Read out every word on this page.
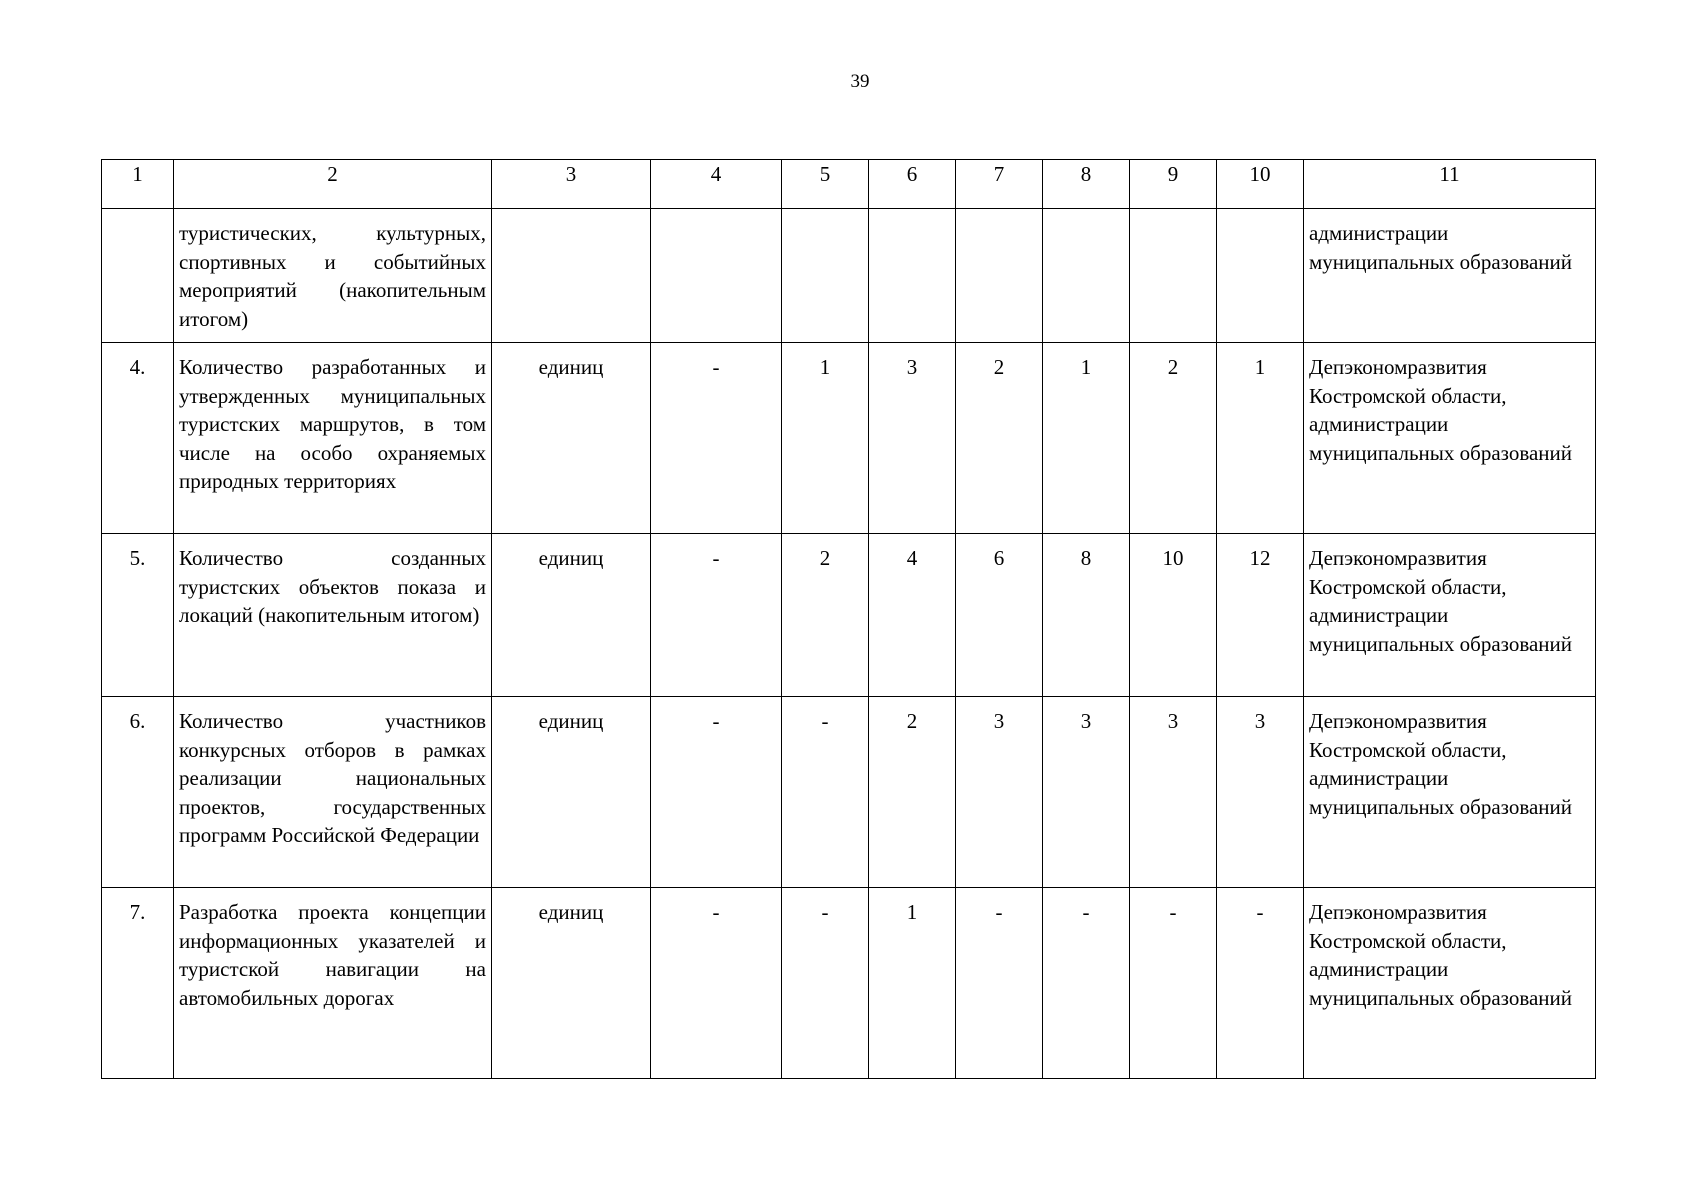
39
1	2	3	4	5	6	7	8	9	10	11
	туристических, культурных, спортивных и событийных мероприятий (накопительным итогом)									администрации муниципальных образований
4.	Количество разработанных и утвержденных муниципальных туристских маршрутов, в том числе на особо охраняемых природных территориях	единиц	-	1	3	2	1	2	1	Депэкономразвития Костромской области, администрации муниципальных образований
5.	Количество созданных туристских объектов показа и локаций (накопительным итогом)	единиц	-	2	4	6	8	10	12	Депэкономразвития Костромской области, администрации муниципальных образований
6.	Количество участников конкурсных отборов в рамках реализации национальных проектов, государственных программ Российской Федерации	единиц	-	-	2	3	3	3	3	Депэкономразвития Костромской области, администрации муниципальных образований
7.	Разработка проекта концепции информационных указателей и туристской навигации на автомобильных дорогах	единиц	-	-	1	-	-	-	-	Депэкономразвития Костромской области, администрации муниципальных образований
